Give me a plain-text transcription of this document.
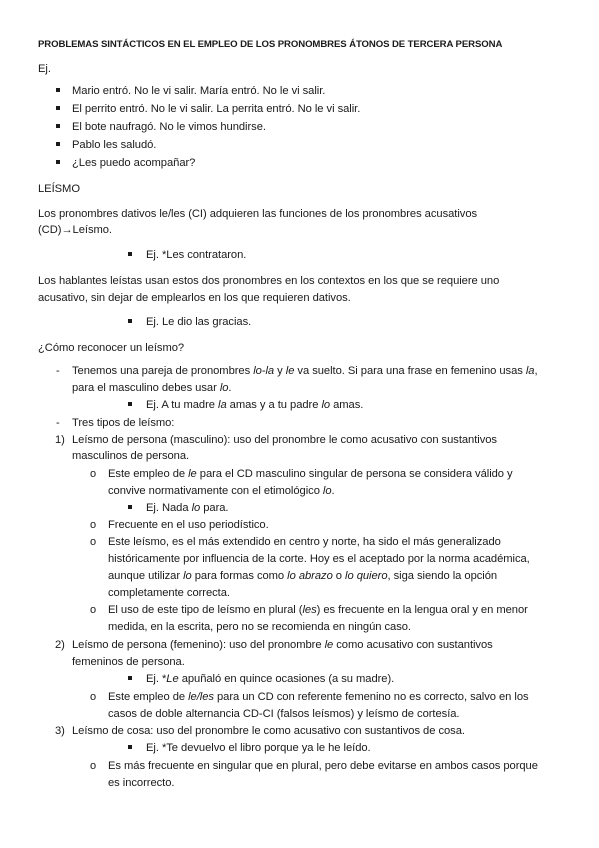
PROBLEMAS SINTÁCTICOS EN EL EMPLEO DE LOS PRONOMBRES ÁTONOS DE TERCERA PERSONA
Ej.
Mario entró. No le vi salir. María entró. No le vi salir.
El perrito entró. No le vi salir. La perrita entró. No le vi salir.
El bote naufragó. No le vimos hundirse.
Pablo les saludó.
¿Les puedo acompañar?
LEÍSMO
Los pronombres dativos le/les (CI) adquieren las funciones de los pronombres acusativos
(CD)→Leísmo.
Ej. *Les contrataron.
Los hablantes leístas usan estos dos pronombres en los contextos en los que se requiere uno
acusativo, sin dejar de emplearlos en los que requieren dativos.
Ej. Le dio las gracias.
¿Cómo reconocer un leísmo?
- Tenemos una pareja de pronombres lo-la y le va suelto. Si para una frase en femenino usas la,
para el masculino debes usar lo.
Ej. A tu madre la amas y a tu padre lo amas.
- Tres tipos de leísmo:
1) Leísmo de persona (masculino): uso del pronombre le como acusativo con sustantivos
masculinos de persona.
o Este empleo de le para el CD masculino singular de persona se considera válido y
convive normativamente con el etimológico lo.
Ej. Nada lo para.
o Frecuente en el uso periodístico.
o Este leísmo, es el más extendido en centro y norte, ha sido el más generalizado
históricamente por influencia de la corte. Hoy es el aceptado por la norma académica,
aunque utilizar lo para formas como lo abrazo o lo quiero, siga siendo la opción
completamente correcta.
o El uso de este tipo de leísmo en plural (les) es frecuente en la lengua oral y en menor
medida, en la escrita, pero no se recomienda en ningún caso.
2) Leísmo de persona (femenino): uso del pronombre le como acusativo con sustantivos
femeninos de persona.
Ej. *Le apuñaló en quince ocasiones (a su madre).
o Este empleo de le/les para un CD con referente femenino no es correcto, salvo en los
casos de doble alternancia CD-CI (falsos leísmos) y leísmo de cortesía.
3) Leísmo de cosa: uso del pronombre le como acusativo con sustantivos de cosa.
Ej. *Te devuelvo el libro porque ya le he leído.
o Es más frecuente en singular que en plural, pero debe evitarse en ambos casos porque
es incorrecto.
